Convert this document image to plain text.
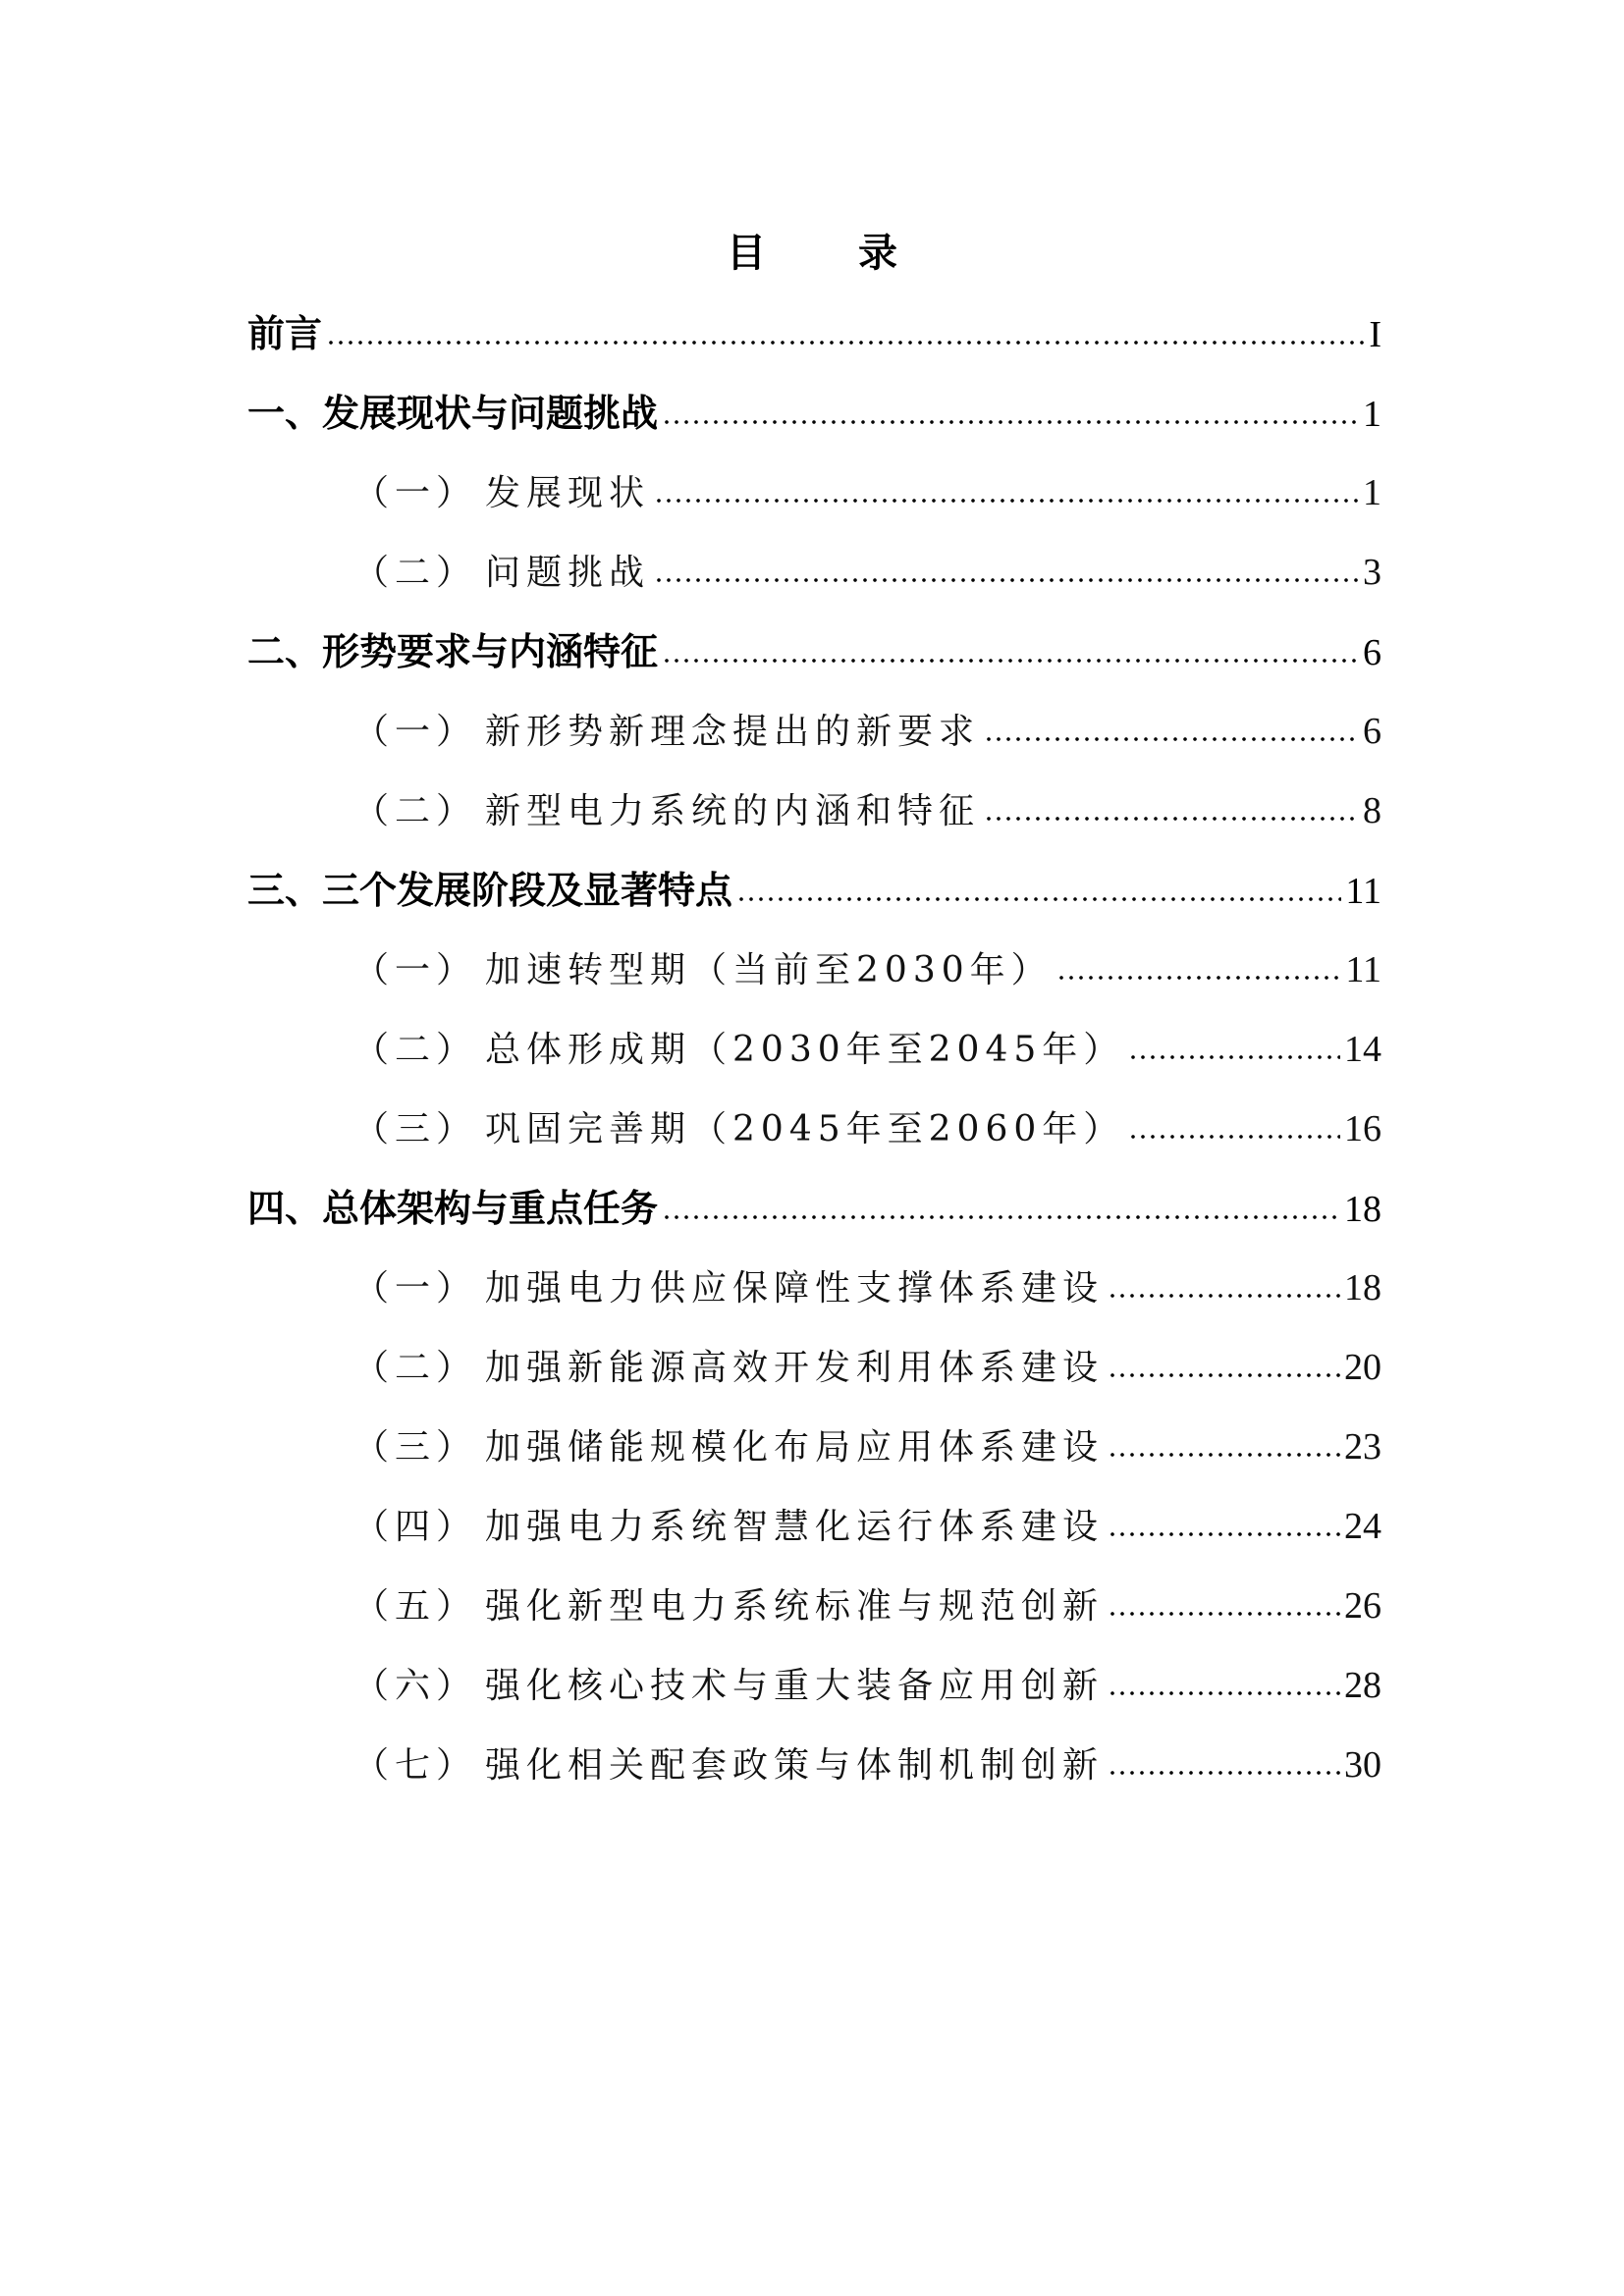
目 录
前言	I
一、 发展现状与问题挑战	1
（一） 发展现状	1
（二） 问题挑战	3
二、 形势要求与内涵特征	6
（一） 新形势新理念提出的新要求	6
（二） 新型电力系统的内涵和特征	8
三、 三个发展阶段及显著特点	11
（一） 加速转型期（当前至2030年）	11
（二） 总体形成期（2030年至2045年）	14
（三） 巩固完善期（2045年至2060年）	16
四、 总体架构与重点任务	18
（一） 加强电力供应保障性支撑体系建设	18
（二） 加强新能源高效开发利用体系建设	20
（三） 加强储能规模化布局应用体系建设	23
（四） 加强电力系统智慧化运行体系建设	24
（五） 强化新型电力系统标准与规范创新	26
（六） 强化核心技术与重大装备应用创新	28
（七） 强化相关配套政策与体制机制创新	30
